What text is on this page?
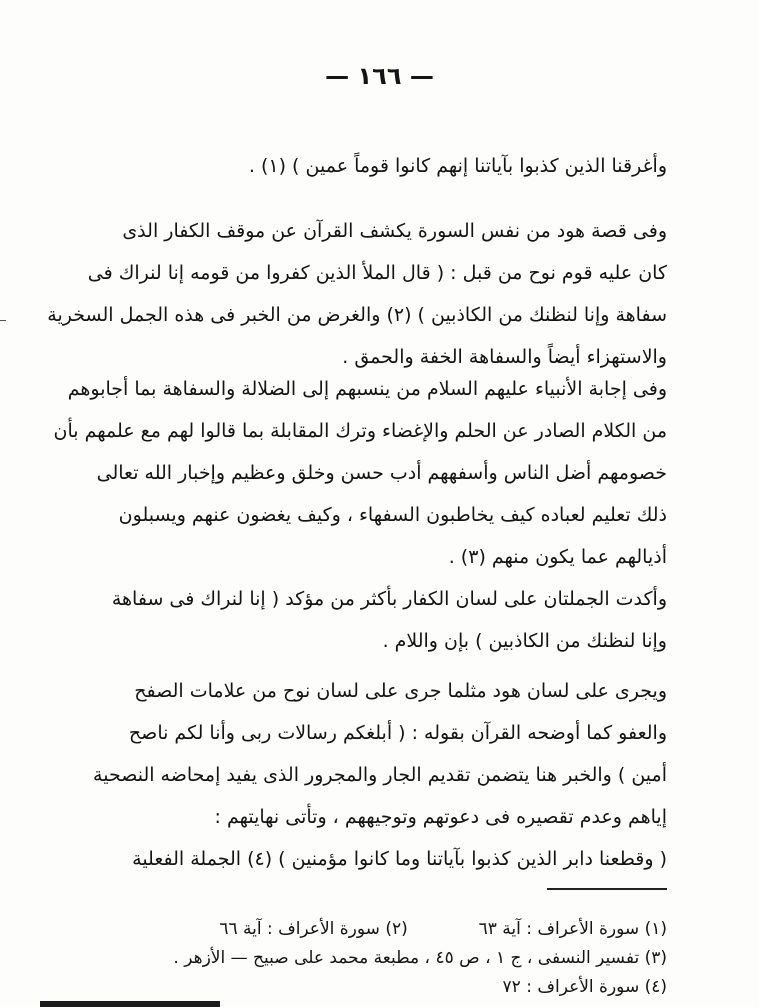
— ١٦٦ —
وأغرقنا الذين كذبوا بآياتنا إنهم كانوا قوماً عمين ) (١) .
وفى قصة هود من نفس السورة يكشف القرآن عن موقف الكفار الذى
كان عليه قوم نوح من قبل : ( قال الملأ الذين كفروا من قومه إنا لنراك فى
سفاهة وإنا لنظنك من الكاذبين ) (٢) والغرض من الخبر فى هذه الجمل السخرية
والاستهزاء أيضاً والسفاهة الخفة والحمق .
وفى إجابة الأنبياء عليهم السلام من ينسبهم إلى الضلالة والسفاهة بما أجابوهم
من الكلام الصادر عن الحلم والإغضاء وترك المقابلة بما قالوا لهم مع علمهم بأن
خصومهم أضل الناس وأسفههم أدب حسن وخلق وعظيم وإخبار الله تعالى
ذلك تعليم لعباده كيف يخاطبون السفهاء ، وكيف يغضون عنهم ويسبلون
أذيالهم عما يكون منهم (٣) .
وأكدت الجملتان على لسان الكفار بأكثر من مؤكد ( إنا لنراك فى سفاهة
وإنا لنظنك من الكاذبين ) بإن واللام .
ويجرى على لسان هود مثلما جرى على لسان نوح من علامات الصفح
والعفو كما أوضحه القرآن بقوله : ( أبلغكم رسالات ربى وأنا لكم ناصح
أمين ) والخبر هنا يتضمن تقديم الجار والمجرور الذى يفيد إمحاضه النصحية
إياهم وعدم تقصيره فى دعوتهم وتوجيههم ، وتأتى نهايتهم :
( وقطعنا دابر الذين كذبوا بآياتنا وما كانوا مؤمنين ) (٤) الجملة الفعلية
(١) سورة الأعراف : آية ٦٣  (٢) سورة الأعراف : آية ٦٦
(٣) تفسير النسفى ، ج ١ ، ص ٤٥ ، مطبعة محمد على صبيح — الأزهر .
(٤) سورة الأعراف : ٧٢
